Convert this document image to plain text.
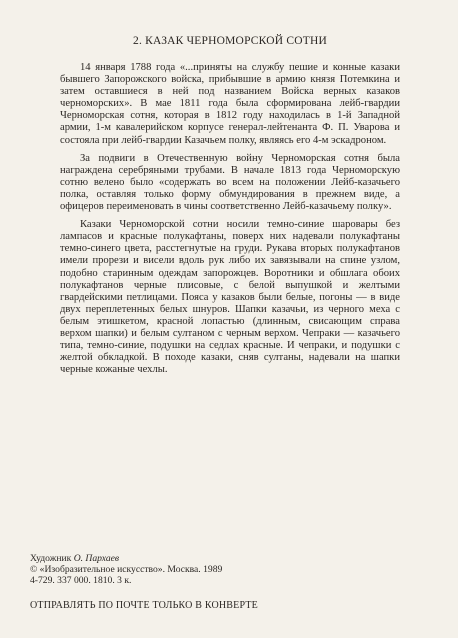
2. КАЗАК ЧЕРНОМОРСКОЙ СОТНИ

14 января 1788 года «...приняты на службу пешие и конные казаки бывшего Запорожского войска, прибывшие в армию князя Потемкина и затем оставшиеся в ней под названием Войска верных казаков черноморских». В мае 1811 года была сформирована лейб-гвардии Черноморская сотня, которая в 1812 году находилась в 1-й Западной армии, 1-м кавалерийском корпусе генерал-лейтенанта Ф. П. Уварова и состояла при лейб-гвардии Казачьем полку, являясь его 4-м эскадроном.

За подвиги в Отечественную войну Черноморская сотня была награждена серебряными трубами. В начале 1813 года Черноморскую сотню велено было «содержать во всем на положении Лейб-казачьего полка, оставляя только форму обмундирования в прежнем виде, а офицеров переименовать в чины соответственно Лейб-казачьему полку».

Казаки Черноморской сотни носили темно-синие шаровары без лампасов и красные полукафтаны, поверх них надевали полукафтаны темно-синего цвета, расстегнутые на груди. Рукава вторых полукафтанов имели прорези и висели вдоль рук либо их завязывали на спине узлом, подобно старинным одеждам запорожцев. Воротники и обшлага обоих полукафтанов черные плисовые, с белой выпушкой и желтыми гвардейскими петлицами. Пояса у казаков были белые, погоны — в виде двух переплетенных белых шнуров. Шапки казачьи, из черного меха с белым этишкетом, красной лопастью (длинным, свисающим справа верхом шапки) и белым султаном с черным верхом. Чепраки — казачьего типа, темно-синие, подушки на седлах красные. И чепраки, и подушки с желтой обкладкой. В походе казаки, сняв султаны, надевали на шапки черные кожаные чехлы.

Художник О. Пархаев
© «Изобразительное искусство». Москва. 1989
4-729. 337 000. 1810. 3 к.
ОТПРАВЛЯТЬ ПО ПОЧТЕ ТОЛЬКО В КОНВЕРТЕ
